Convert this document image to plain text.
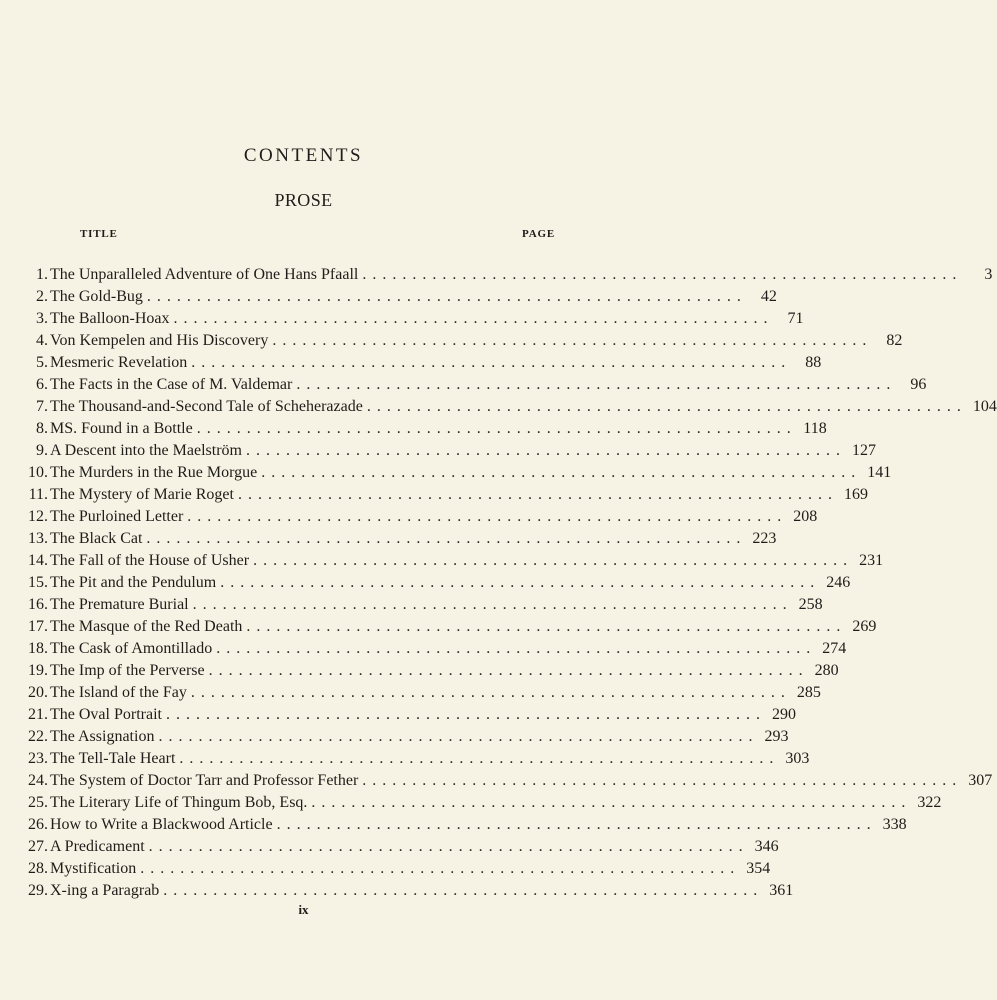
CONTENTS
PROSE
TITLE	PAGE
1. The Unparalleled Adventure of One Hans Pfaall ............................................................	3
2. The Gold-Bug ............................................................ 42
3. The Balloon-Hoax ............................................................ 71
4. Von Kempelen and His Discovery ............................................................ 82
5. Mesmeric Revelation ............................................................ 88
6. The Facts in the Case of M. Valdemar ............................................................ 96
7. The Thousand-and-Second Tale of Scheherazade ............................................................ 104
8. MS. Found in a Bottle ............................................................ 118
9. A Descent into the Maelström ............................................................ 127
10. The Murders in the Rue Morgue ............................................................ 141
11. The Mystery of Marie Roget ............................................................ 169
12. The Purloined Letter ............................................................ 208
13. The Black Cat ............................................................ 223
14. The Fall of the House of Usher ............................................................ 231
15. The Pit and the Pendulum ............................................................ 246
16. The Premature Burial ............................................................ 258
17. The Masque of the Red Death ............................................................ 269
18. The Cask of Amontillado ............................................................ 274
19. The Imp of the Perverse ............................................................ 280
20. The Island of the Fay ............................................................ 285
21. The Oval Portrait ............................................................ 290
22. The Assignation ............................................................ 293
23. The Tell-Tale Heart ............................................................ 303
24. The System of Doctor Tarr and Professor Fether ............................................................ 307
25. The Literary Life of Thingum Bob, Esq. ............................................................ 322
26. How to Write a Blackwood Article ............................................................ 338
27. A Predicament ............................................................ 346
28. Mystification ............................................................ 354
29. X-ing a Paragrab ............................................................ 361
ix
